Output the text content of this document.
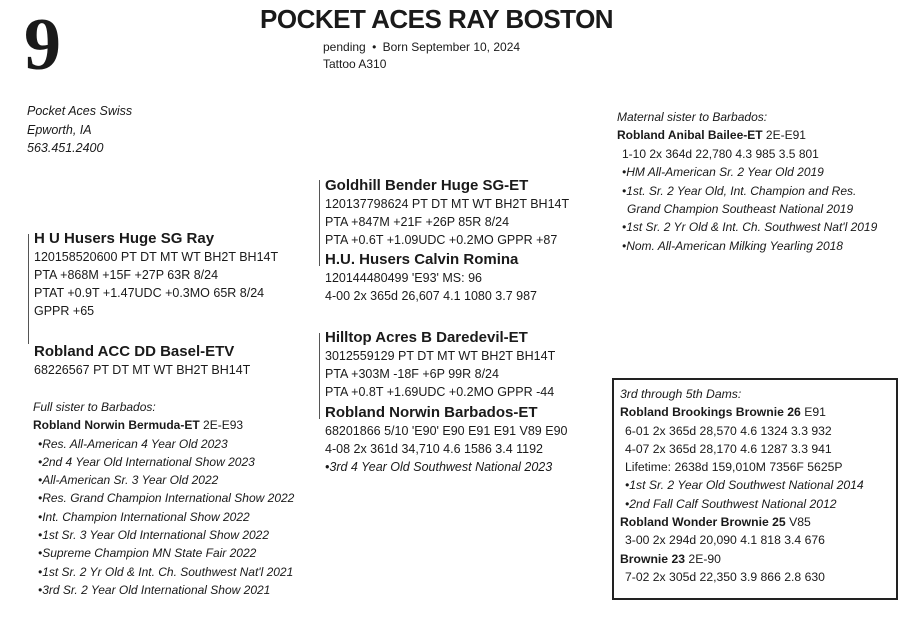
9	POCKET ACES RAY BOSTON
pending • Born September 10, 2024
Tattoo A310
Pocket Aces Swiss
Epworth, IA
563.451.2400
H U Husers Huge SG Ray
120158520600 PT DT MT WT BH2T BH14T
PTA +868M +15F +27P 63R 8/24
PTAT +0.9T +1.47UDC +0.3MO 65R 8/24
GPPR +65
Robland ACC DD Basel-ETV
68226567 PT DT MT WT BH2T BH14T
Full sister to Barbados:
Robland Norwin Bermuda-ET 2E-E93
•Res. All-American 4 Year Old 2023
•2nd 4 Year Old International Show 2023
•All-American Sr. 3 Year Old 2022
•Res. Grand Champion International Show 2022
•Int. Champion International Show 2022
•1st Sr. 3 Year Old International Show 2022
•Supreme Champion MN State Fair 2022
•1st Sr. 2 Yr Old & Int. Ch. Southwest Nat'l 2021
•3rd Sr. 2 Year Old International Show 2021
Goldhill Bender Huge SG-ET
120137798624 PT DT MT WT BH2T BH14T
PTA +847M +21F +26P 85R 8/24
PTA +0.6T +1.09UDC +0.2MO GPPR +87
H.U. Husers Calvin Romina
120144480499 'E93' MS: 96
4-00 2x 365d 26,607 4.1 1080 3.7 987
Hilltop Acres B Daredevil-ET
3012559129 PT DT MT WT BH2T BH14T
PTA +303M -18F +6P 99R 8/24
PTA +0.8T +1.69UDC +0.2MO GPPR -44
Robland Norwin Barbados-ET
68201866 5/10 'E90' E90 E91 E91 V89 E90
4-08 2x 361d 34,710 4.6 1586 3.4 1192
•3rd 4 Year Old Southwest National 2023
Maternal sister to Barbados:
Robland Anibal Bailee-ET 2E-E91
1-10 2x 364d 22,780 4.3 985 3.5 801
•HM All-American Sr. 2 Year Old 2019
•1st. Sr. 2 Year Old, Int. Champion and Res.
Grand Champion Southeast National 2019
•1st Sr. 2 Yr Old & Int. Ch. Southwest Nat'l 2019
•Nom. All-American Milking Yearling 2018
3rd through 5th Dams:
Robland Brookings Brownie 26 E91
6-01 2x 365d 28,570 4.6 1324 3.3 932
4-07 2x 365d 28,170 4.6 1287 3.3 941
Lifetime: 2638d 159,010M 7356F 5625P
•1st Sr. 2 Year Old Southwest National 2014
•2nd Fall Calf Southwest National 2012
Robland Wonder Brownie 25 V85
3-00 2x 294d 20,090 4.1 818 3.4 676
Brownie 23 2E-90
7-02 2x 305d 22,350 3.9 866 2.8 630
